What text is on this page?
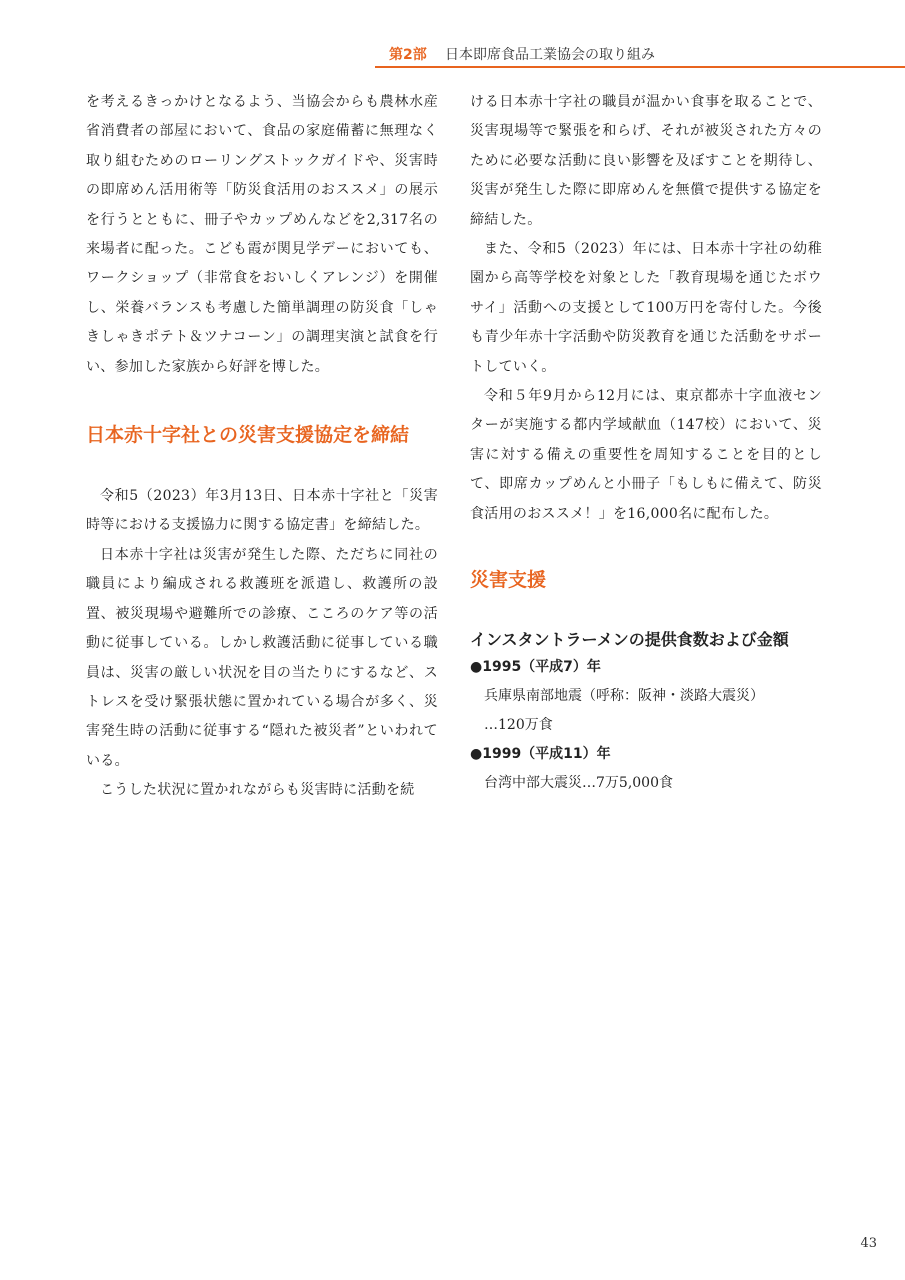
第2部 日本即席食品工業協会の取り組み

を考えるきっかけとなるよう、当協会からも農林水産省消費者の部屋において、食品の家庭備蓄に無理なく取り組むためのローリングストックガイドや、災害時の即席めん活用術等「防災食活用のおススメ」の展示を行うとともに、冊子やカップめんなどを2,317名の来場者に配った。こども霞が関見学デーにおいても、ワークショップ（非常食をおいしくアレンジ）を開催し、栄養バランスも考慮した簡単調理の防災食「しゃきしゃきポテト＆ツナコーン」の調理実演と試食を行い、参加した家族から好評を博した。

日本赤十字社との災害支援協定を締結

令和5（2023）年3月13日、日本赤十字社と「災害時等における支援協力に関する協定書」を締結した。

日本赤十字社は災害が発生した際、ただちに同社の職員により編成される救護班を派遣し、救護所の設置、被災現場や避難所での診療、こころのケア等の活動に従事している。しかし救護活動に従事している職員は、災害の厳しい状況を目の当たりにするなど、ストレスを受け緊張状態に置かれている場合が多く、災害発生時の活動に従事する“隠れた被災者”といわれている。

こうした状況に置かれながらも災害時に活動を続

ける日本赤十字社の職員が温かい食事を取ることで、災害現場等で緊張を和らげ、それが被災された方々のために必要な活動に良い影響を及ぼすことを期待し、災害が発生した際に即席めんを無償で提供する協定を締結した。

また、令和5（2023）年には、日本赤十字社の幼稚園から高等学校を対象とした「教育現場を通じたボウサイ」活動への支援として100万円を寄付した。今後も青少年赤十字活動や防災教育を通じた活動をサポートしていく。

令和５年9月から12月には、東京都赤十字血液センターが実施する都内学域献血（147校）において、災害に対する備えの重要性を周知することを目的として、即席カップめんと小冊子「もしもに備えて、防災食活用のおススメ！」を16,000名に配布した。

災害支援
インスタントラーメンの提供食数および金額
●1995（平成7）年
兵庫県南部地震（呼称：阪神・淡路大震災）
…120万食
●1999（平成11）年
台湾中部大震災…7万5,000食
43
